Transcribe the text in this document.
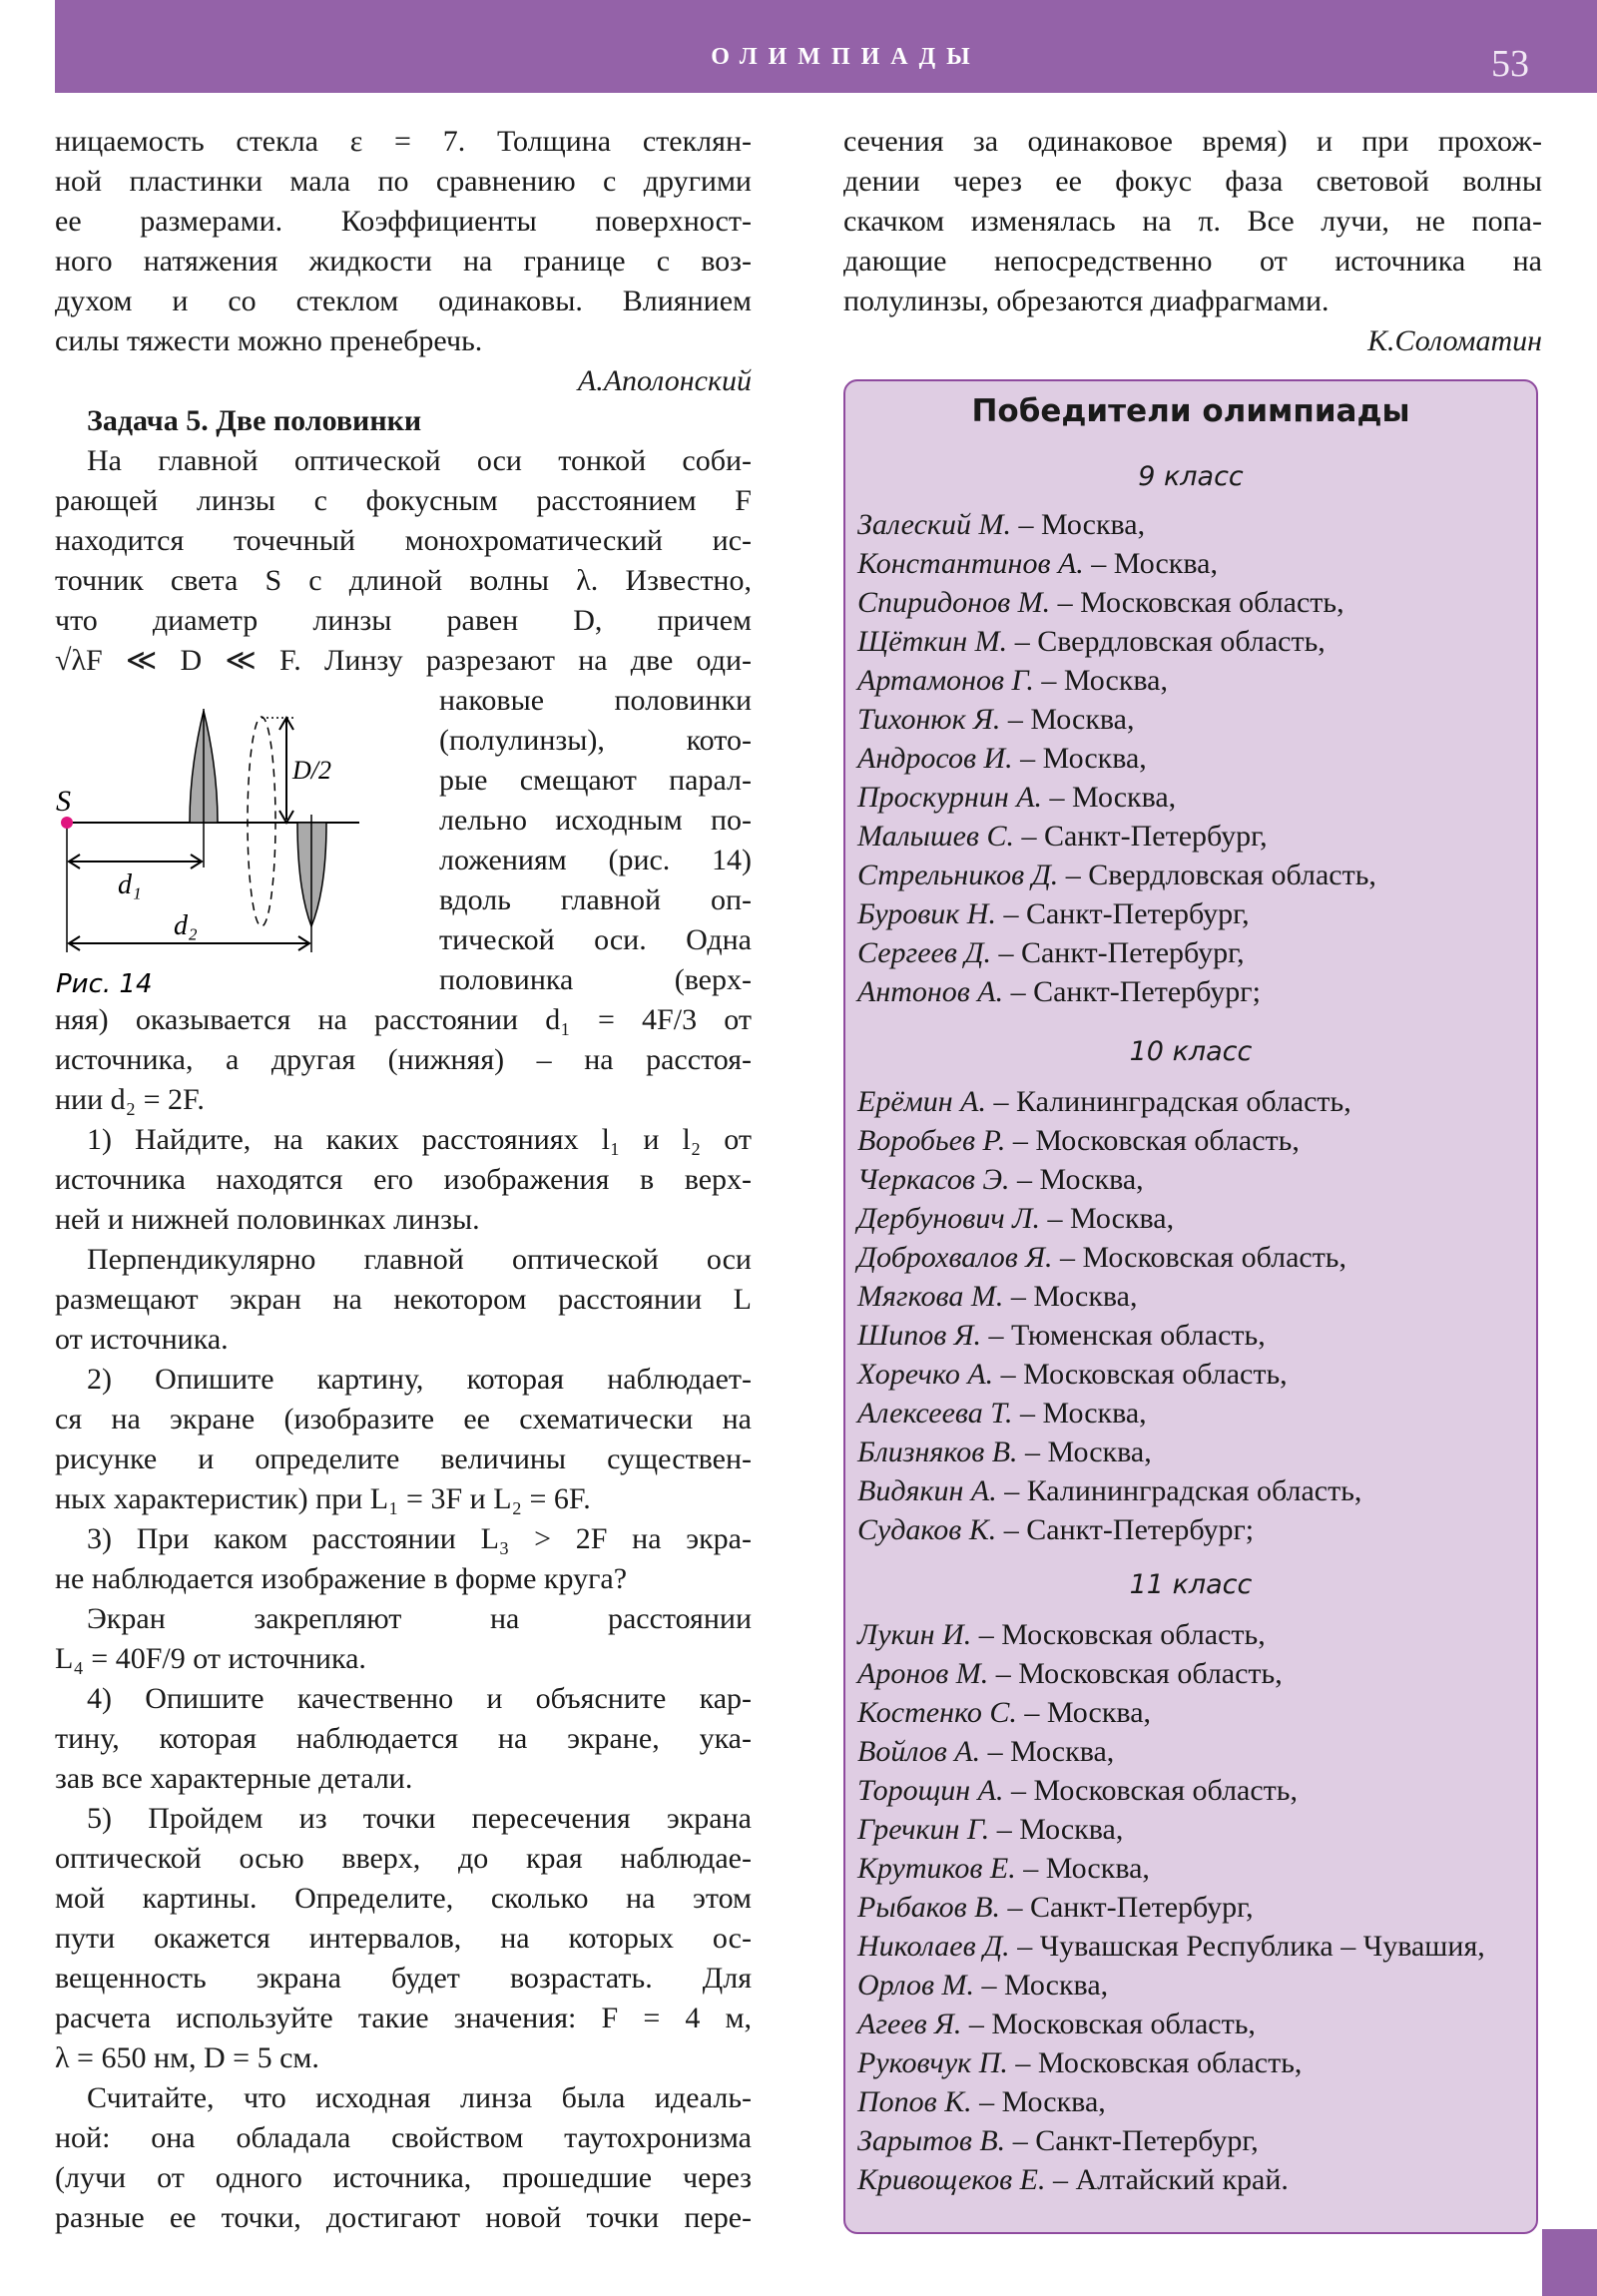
ОЛИМПИАДЫ	53
ницаемость стекла ε = 7. Толщина стеклян-
ной пластинки мала по сравнению с другими
ее размерами. Коэффициенты поверхност-
ного натяжения жидкости на границе с воз-
духом и со стеклом одинаковы. Влиянием
силы тяжести можно пренебречь.
А.Аполонский
Задача 5. Две половинки
На главной оптической оси тонкой соби-
рающей линзы с фокусным расстоянием F
находится точечный монохроматический ис-
точник света S с длиной волны λ. Известно,
что диаметр линзы равен D, причем
√λF ≪ D ≪ F. Линзу разрезают на две оди-
наковые половинки
(полулинзы), кото-
рые смещают парал-
лельно исходным по-
ложениям (рис. 14)
вдоль главной оп-
тической оси. Одна
половинка (верх-
няя) оказывается на расстоянии d₁ = 4F/3 от
источника, а другая (нижняя) – на расстоя-
нии d₂ = 2F.
1) Найдите, на каких расстояниях l₁ и l₂ от
источника находятся его изображения в верх-
ней и нижней половинках линзы.
Перпендикулярно главной оптической оси
размещают экран на некотором расстоянии L
от источника.
2) Опишите картину, которая наблюдает-
ся на экране (изобразите ее схематически на
рисунке и определите величины существен-
ных характеристик) при L₁ = 3F и L₂ = 6F.
3) При каком расстоянии L₃ > 2F на экра-
не наблюдается изображение в форме круга?
Экран закрепляют на расстоянии
L₄ = 40F/9 от источника.
4) Опишите качественно и объясните кар-
тину, которая наблюдается на экране, ука-
зав все характерные детали.
5) Пройдем из точки пересечения экрана
оптической осью вверх, до края наблюдае-
мой картины. Определите, сколько на этом
пути окажется интервалов, на которых ос-
вещенность экрана будет возрастать. Для
расчета используйте такие значения: F = 4 м,
λ = 650 нм, D = 5 см.
Считайте, что исходная линза была идеаль-
ной: она обладала свойством таутохронизма
(лучи от одного источника, прошедшие через
разные ее точки, достигают новой точки пере-
сечения за одинаковое время) и при прохож-
дении через ее фокус фаза световой волны
скачком изменялась на π. Все лучи, не попа-
дающие непосредственно от источника на
полулинзы, обрезаются диафрагмами.
К.Соломатин
S
D/2
d₁
d₂
Рис. 14
Победители олимпиады
9 класс
Залеский М. – Москва,
Константинов А. – Москва,
Спиридонов М. – Московская область,
Щёткин М. – Свердловская область,
Артамонов Г. – Москва,
Тихонюк Я. – Москва,
Андросов И. – Москва,
Проскурнин А. – Москва,
Малышев С. – Санкт-Петербург,
Стрельников Д. – Свердловская область,
Буровик Н. – Санкт-Петербург,
Сергеев Д. – Санкт-Петербург,
Антонов А. – Санкт-Петербург;
10 класс
Ерёмин А. – Калининградская область,
Воробьев Р. – Московская область,
Черкасов Э. – Москва,
Дербунович Л. – Москва,
Доброхвалов Я. – Московская область,
Мягкова М. – Москва,
Шипов Я. – Тюменская область,
Хоречко А. – Московская область,
Алексеева Т. – Москва,
Близняков В. – Москва,
Видякин А. – Калининградская область,
Судаков К. – Санкт-Петербург;
11 класс
Лукин И. – Московская область,
Аронов М. – Московская область,
Костенко С. – Москва,
Войлов А. – Москва,
Торощин А. – Московская область,
Гречкин Г. – Москва,
Крутиков Е. – Москва,
Рыбаков В. – Санкт-Петербург,
Николаев Д. – Чувашская Республика – Чувашия,
Орлов М. – Москва,
Агеев Я. – Московская область,
Руковчук П. – Московская область,
Попов К. – Москва,
Зарытов В. – Санкт-Петербург,
Кривощеков Е. – Алтайский край.
